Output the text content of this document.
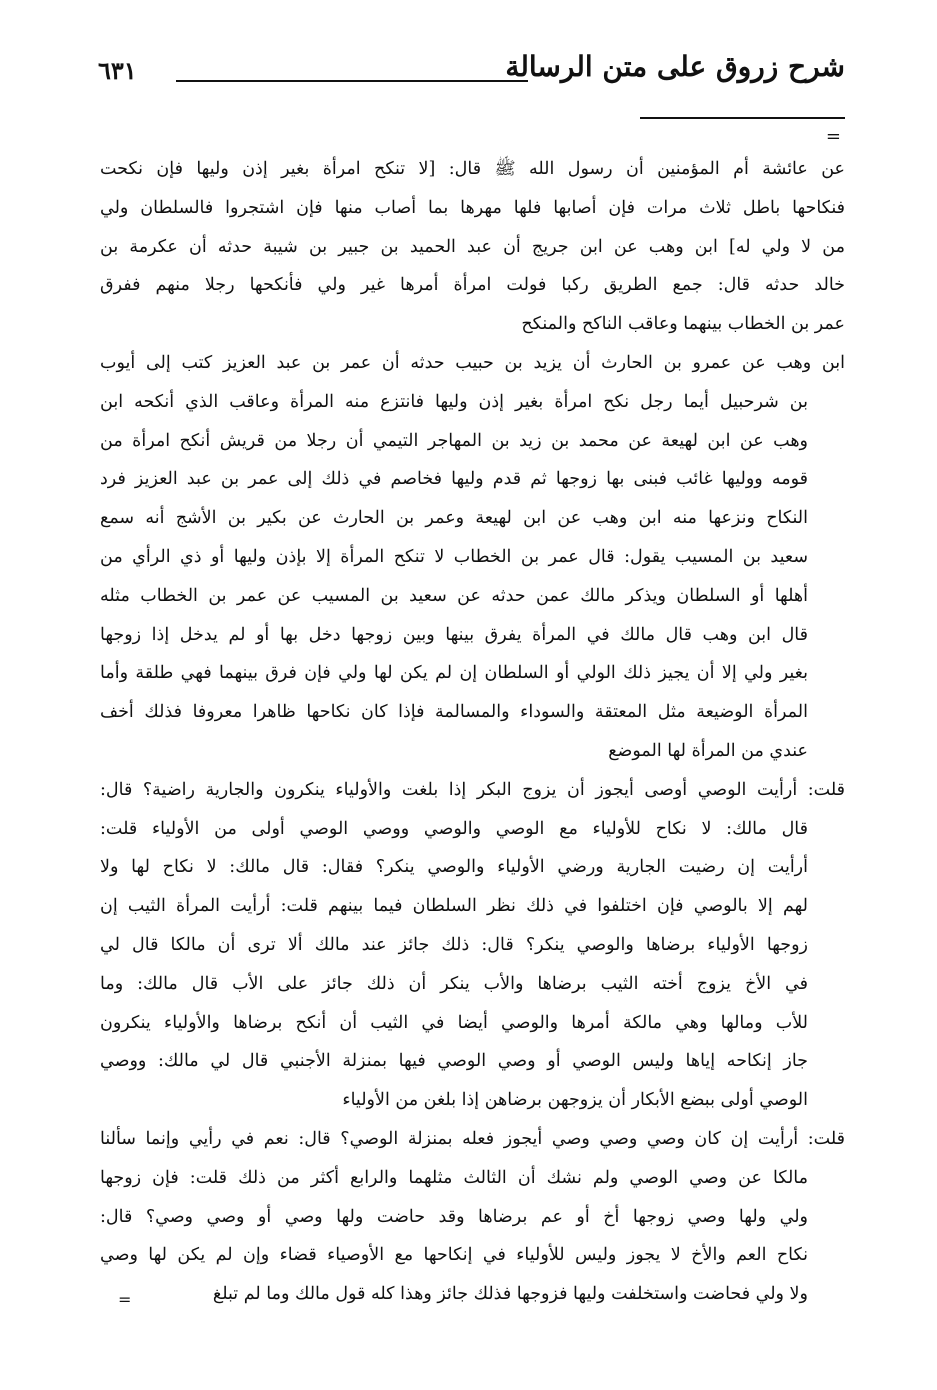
٦٣١	شرح زروق على متن الرسالة
=
عن عائشة أم المؤمنين أن رسول الله ﷺ قال: [لا تنكح امرأة بغير إذن وليها فإن نكحت
فنكاحها باطل ثلاث مرات فإن أصابها فلها مهرها بما أصاب منها فإن اشتجروا فالسلطان ولي
من لا ولي له] ابن وهب عن ابن جريج أن عبد الحميد بن جبير بن شيبة حدثه أن عكرمة بن
خالد حدثه قال: جمع الطريق ركبا فولت امرأة أمرها غير ولي فأنكحها رجلا منهم ففرق
عمر بن الخطاب بينهما وعاقب الناكح والمنكح
ابن وهب عن عمرو بن الحارث أن يزيد بن حبيب حدثه أن عمر بن عبد العزيز كتب إلى أيوب
بن شرحبيل أيما رجل نكح امرأة بغير إذن وليها فانتزع منه المرأة وعاقب الذي أنكحه ابن
وهب عن ابن لهيعة عن محمد بن زيد بن المهاجر التيمي أن رجلا من قريش أنكح امرأة من
قومه ووليها غائب فبنى بها زوجها ثم قدم وليها فخاصم في ذلك إلى عمر بن عبد العزيز فرد
النكاح ونزعها منه ابن وهب عن ابن لهيعة وعمر بن الحارث عن بكير بن الأشج أنه سمع
سعيد بن المسيب يقول: قال عمر بن الخطاب لا تنكح المرأة إلا بإذن وليها أو ذي الرأي من
أهلها أو السلطان ويذكر مالك عمن حدثه عن سعيد بن المسيب عن عمر بن الخطاب مثله
قال ابن وهب قال مالك في المرأة يفرق بينها وبين زوجها دخل بها أو لم يدخل إذا زوجها
بغير ولي إلا أن يجيز ذلك الولي أو السلطان إن لم يكن لها ولي فإن فرق بينهما فهي طلقة وأما
المرأة الوضيعة مثل المعتقة والسوداء والمسالمة فإذا كان نكاحها ظاهرا معروفا فذلك أخف
عندي من المرأة لها الموضع
قلت: أرأيت الوصي أوصى أيجوز أن يزوج البكر إذا بلغت والأولياء ينكرون والجارية راضية؟ قال:
قال مالك: لا نكاح للأولياء مع الوصي والوصي ووصي الوصي أولى من الأولياء قلت:
أرأيت إن رضيت الجارية ورضي الأولياء والوصي ينكر؟ فقال: قال مالك: لا نكاح لها ولا
لهم إلا بالوصي فإن اختلفوا في ذلك نظر السلطان فيما بينهم قلت: أرأيت المرأة الثيب إن
زوجها الأولياء برضاها والوصي ينكر؟ قال: ذلك جائز عند مالك ألا ترى أن مالكا قال لي
في الأخ يزوج أخته الثيب برضاها والأب ينكر أن ذلك جائز على الأب قال مالك: وما
للأب ومالها وهي مالكة أمرها والوصي أيضا في الثيب أن أنكح برضاها والأولياء ينكرون
جاز إنكاحه إياها وليس الوصي أو وصي الوصي فيها بمنزلة الأجنبي قال لي مالك: ووصي
الوصي أولى ببضع الأبكار أن يزوجهن برضاهن إذا بلغن من الأولياء
قلت: أرأيت إن كان وصي وصي وصي أيجوز فعله بمنزلة الوصي؟ قال: نعم في رأيي وإنما سألنا
مالكا عن وصي الوصي ولم نشك أن الثالث مثلهما والرابع أكثر من ذلك قلت: فإن زوجها
ولي ولها وصي زوجها أخ أو عم برضاها وقد حاضت ولها وصي أو وصي وصي؟ قال:
نكاح العم والأخ لا يجوز وليس للأولياء في إنكاحها مع الأوصياء قضاء وإن لم يكن لها وصي
ولا ولي فحاضت واستخلفت وليها فزوجها فذلك جائز وهذا كله قول مالك وما لم تبلغ
=
